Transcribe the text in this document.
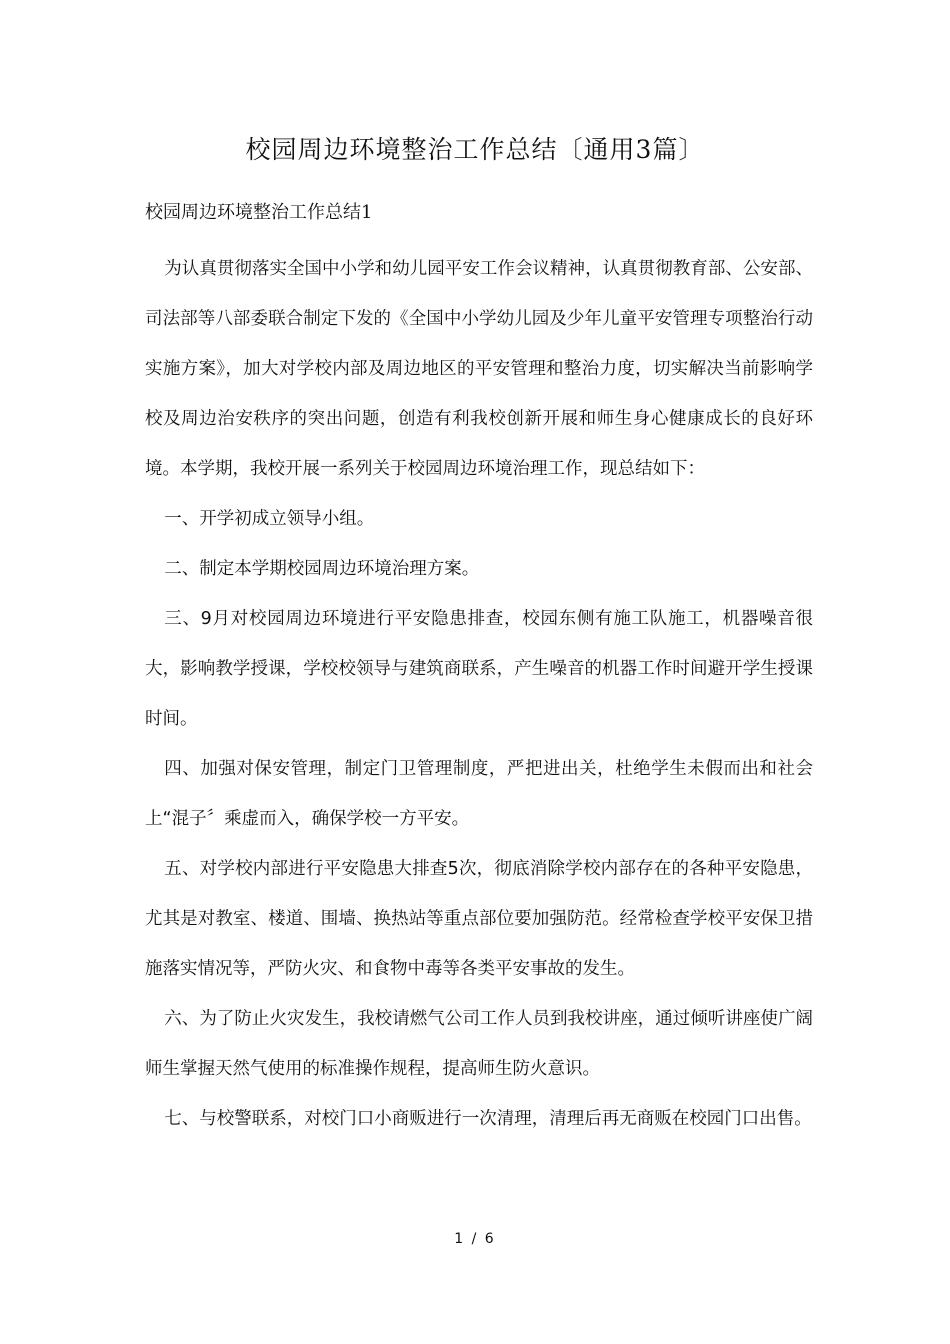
校园周边环境整治工作总结〔通用3篇〕
校园周边环境整治工作总结1

为认真贯彻落实全国中小学和幼儿园平安工作会议精神，认真贯彻教育部、公安部、司法部等八部委联合制定下发的《全国中小学幼儿园及少年儿童平安管理专项整治行动实施方案》，加大对学校内部及周边地区的平安管理和整治力度，切实解决当前影响学校及周边治安秩序的突出问题，创造有利我校创新开展和师生身心健康成长的良好环境。本学期，我校开展一系列关于校园周边环境治理工作，现总结如下：

一、开学初成立领导小组。

二、制定本学期校园周边环境治理方案。

三、9月对校园周边环境进行平安隐患排查，校园东侧有施工队施工，机器噪音很大，影响教学授课，学校校领导与建筑商联系，产生噪音的机器工作时间避开学生授课时间。

四、加强对保安管理，制定门卫管理制度，严把进出关，杜绝学生未假而出和社会上“混子〞乘虚而入，确保学校一方平安。

五、对学校内部进行平安隐患大排查5次，彻底消除学校内部存在的各种平安隐患，尤其是对教室、楼道、围墙、换热站等重点部位要加强防范。经常检查学校平安保卫措施落实情况等，严防火灾、和食物中毒等各类平安事故的发生。

六、为了防止火灾发生，我校请燃气公司工作人员到我校讲座，通过倾听讲座使广阔师生掌握天然气使用的标准操作规程，提高师生防火意识。

七、与校警联系，对校门口小商贩进行一次清理，清理后再无商贩在校园门口出售。

1 / 6
